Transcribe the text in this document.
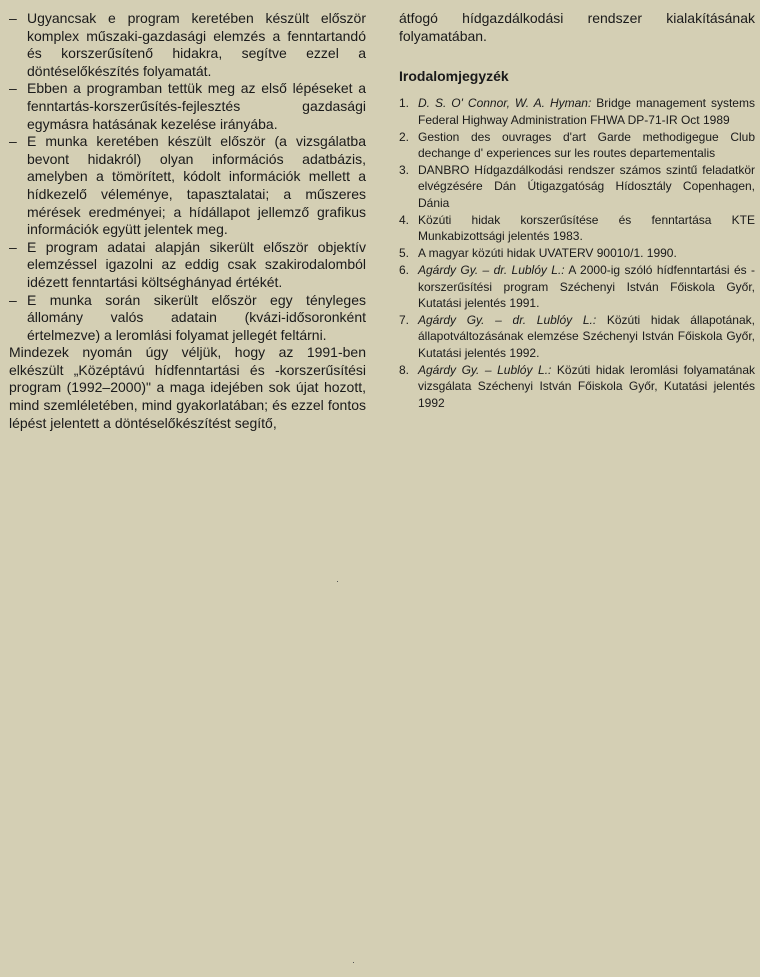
– Ugyancsak e program keretében készült először komplex műszaki-gazdasági elemzés a fenntartandó és korszerűsítenő hidakra, segítve ezzel a döntéselőkészítés folyamatát.
– Ebben a programban tettük meg az első lépéseket a fenntartás-korszerűsítés-fejlesztés gazdasági egymásra hatásának kezelése irányába.
– E munka keretében készült először (a vizsgálatba bevont hidakról) olyan információs adatbázis, amelyben a tömörített, kódolt információk mellett a hídkezelő véleménye, tapasztalatai; a műszeres mérések eredményei; a hídállapot jellemző grafikus információk együtt jelentek meg.
– E program adatai alapján sikerült először objektív elemzéssel igazolni az eddig csak szakirodalomból idézett fenntartási költséghányad értékét.
– E munka során sikerült először egy tényleges állomány valós adatain (kvázi-idősoronként értelmezve) a leromlási folyamat jellegét feltárni.

Mindezek nyomán úgy véljük, hogy az 1991-ben elkészült „Középtávú hídfenntartási és -korszerűsítési program (1992–2000)" a maga idejében sok újat hozott, mind szemléletében, mind gyakorlatában; és ezzel fontos lépést jelentett a döntéselőkészítést segítő,

átfogó hídgazdálkodási rendszer kialakításának folyamatában.

Irodalomjegyzék
1. D. S. O' Connor, W. A. Hyman: Bridge management systems Federal Highway Administration FHWA DP-71-IR Oct 1989
2. Gestion des ouvrages d'art Garde methodigegue Club dechange d' experiences sur les routes departementalis
3. DANBRO Hídgazdálkodási rendszer számos szintű feladatkör elvégzésére Dán Útigazgatóság Hídosztály Copenhagen, Dánia
4. Közúti hidak korszerűsítése és fenntartása KTE Munkabizottsági jelentés 1983.
5. A magyar közúti hidak UVATERV 90010/1. 1990.
6. Agárdy Gy. – dr. Lublóy L.: A 2000-ig szóló hídfenntartási és -korszerűsítési program Széchenyi István Főiskola Győr, Kutatási jelentés 1991.
7. Agárdy Gy. – dr. Lublóy L.: Közúti hidak állapotának, állapotváltozásának elemzése Széchenyi István Főiskola Győr, Kutatási jelentés 1992.
8. Agárdy Gy. – Lublóy L.: Közúti hidak leromlási folyamatának vizsgálata Széchenyi István Főiskola Győr, Kutatási jelentés 1992
